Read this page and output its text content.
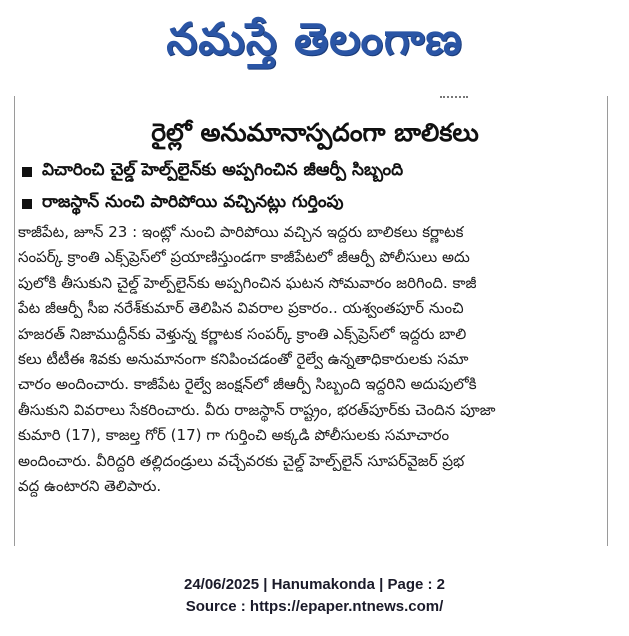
నమస్తే తెలంగాణ
రైల్లో అనుమానాస్పదంగా బాలికలు
విచారించి చైల్డ్ హెల్ప్‌లైన్‌కు అప్పగించిన జీఆర్పీ సిబ్బంది
రాజస్థాన్ నుంచి పారిపోయి వచ్చినట్లు గుర్తింపు
కాజీపేట, జూన్ 23 : ఇంట్లో నుంచి పారిపోయి వచ్చిన ఇద్దరు బాలికలు కర్ణాటక
సంపర్క్ క్రాంతి ఎక్స్‌ప్రెస్‌లో ప్రయాణిస్తుండగా కాజీపేటలో జీఆర్పీ పోలీసులు అదు
పులోకి తీసుకుని చైల్డ్ హెల్ప్‌లైన్‌కు అప్పగించిన ఘటన సోమవారం జరిగింది. కాజీ
పేట జీఆర్పీ సీఐ నరేశ్‌కుమార్ తెలిపిన వివరాల ప్రకారం.. యశ్వంతపూర్ నుంచి
హజరత్ నిజాముద్దీన్‌కు వెళ్తున్న కర్ణాటక సంపర్క్ క్రాంతి ఎక్స్‌ప్రెస్‌లో ఇద్దరు బాలి
కలు టీటీఈ శివకు అనుమానంగా కనిపించడంతో రైల్వే ఉన్నతాధికారులకు సమా
చారం అందించారు. కాజీపేట రైల్వే జంక్షన్‌లో జీఆర్పీ సిబ్బంది ఇద్దరిని అదుపులోకి
తీసుకుని వివరాలు సేకరించారు. వీరు రాజస్థాన్ రాష్ట్రం, భరత్‌పూర్‌కు చెందిన పూజా
కుమారి (17), కాజల్త గోర్ (17) గా గుర్తించి అక్కడి పోలీసులకు సమాచారం
అందించారు. వీరిద్దరి తల్లిదండ్రులు వచ్చేవరకు చైల్డ్ హెల్ప్‌లైన్ సూపర్‌వైజర్ ప్రభ
వద్ద ఉంటారని తెలిపారు.
24/06/2025 | Hanumakonda | Page : 2
Source : https://epaper.ntnews.com/
